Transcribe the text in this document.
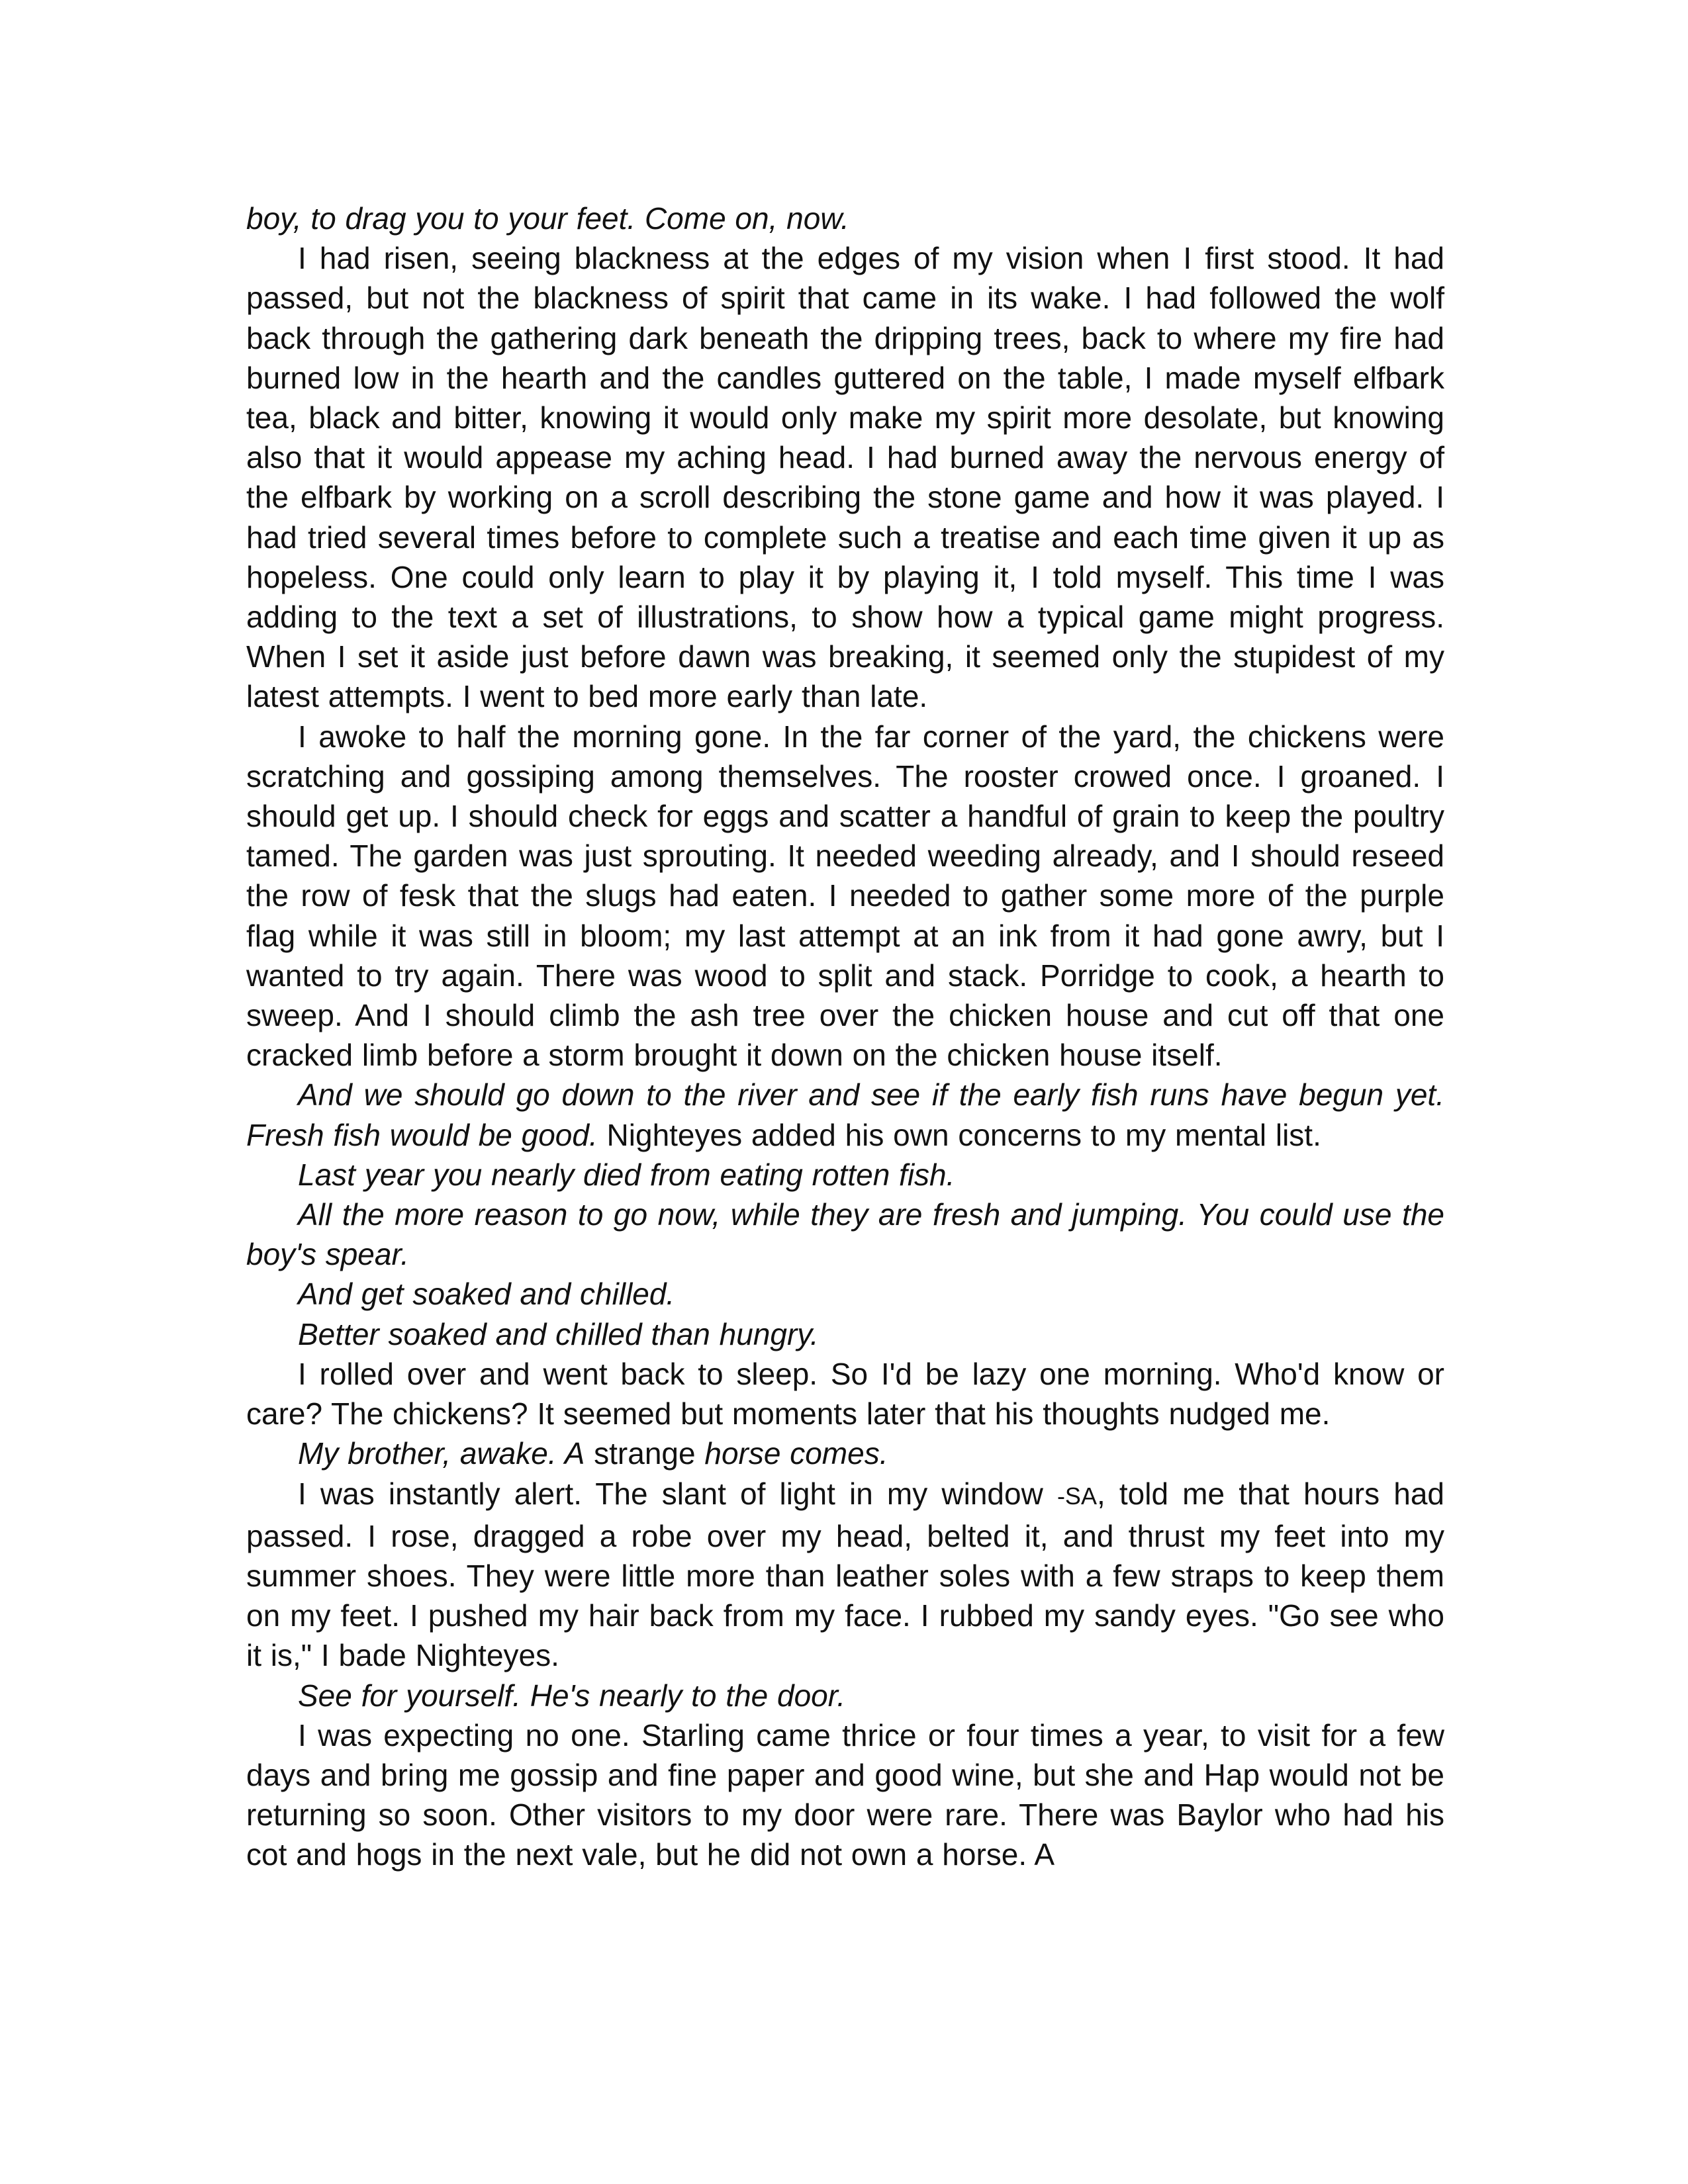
boy, to drag you to your feet. Come on, now.

I had risen, seeing blackness at the edges of my vision when I first stood. It had passed, but not the blackness of spirit that came in its wake. I had followed the wolf back through the gathering dark beneath the dripping trees, back to where my fire had burned low in the hearth and the candles guttered on the table, I made myself elfbark tea, black and bitter, knowing it would only make my spirit more desolate, but knowing also that it would appease my aching head. I had burned away the nervous energy of the elfbark by working on a scroll describing the stone game and how it was played. I had tried several times before to complete such a treatise and each time given it up as hopeless. One could only learn to play it by playing it, I told myself. This time I was adding to the text a set of illustrations, to show how a typical game might progress. When I set it aside just before dawn was breaking, it seemed only the stupidest of my latest attempts. I went to bed more early than late.

I awoke to half the morning gone. In the far corner of the yard, the chickens were scratching and gossiping among themselves. The rooster crowed once. I groaned. I should get up. I should check for eggs and scatter a handful of grain to keep the poultry tamed. The garden was just sprouting. It needed weeding already, and I should reseed the row of fesk that the slugs had eaten. I needed to gather some more of the purple flag while it was still in bloom; my last attempt at an ink from it had gone awry, but I wanted to try again. There was wood to split and stack. Porridge to cook, a hearth to sweep. And I should climb the ash tree over the chicken house and cut off that one cracked limb before a storm brought it down on the chicken house itself.

And we should go down to the river and see if the early fish runs have begun yet. Fresh fish would be good. Nighteyes added his own concerns to my mental list.

Last year you nearly died from eating rotten fish.

All the more reason to go now, while they are fresh and jumping. You could use the boy's spear.

And get soaked and chilled.

Better soaked and chilled than hungry.

I rolled over and went back to sleep. So I'd be lazy one morning. Who'd know or care? The chickens? It seemed but moments later that his thoughts nudged me.

My brother, awake. A strange horse comes.

I was instantly alert. The slant of light in my window -SA, told me that hours had passed. I rose, dragged a robe over my head, belted it, and thrust my feet into my summer shoes. They were little more than leather soles with a few straps to keep them on my feet. I pushed my hair back from my face. I rubbed my sandy eyes. "Go see who it is," I bade Nighteyes.

See for yourself. He's nearly to the door.

I was expecting no one. Starling came thrice or four times a year, to visit for a few days and bring me gossip and fine paper and good wine, but she and Hap would not be returning so soon. Other visitors to my door were rare. There was Baylor who had his cot and hogs in the next vale, but he did not own a horse. A
